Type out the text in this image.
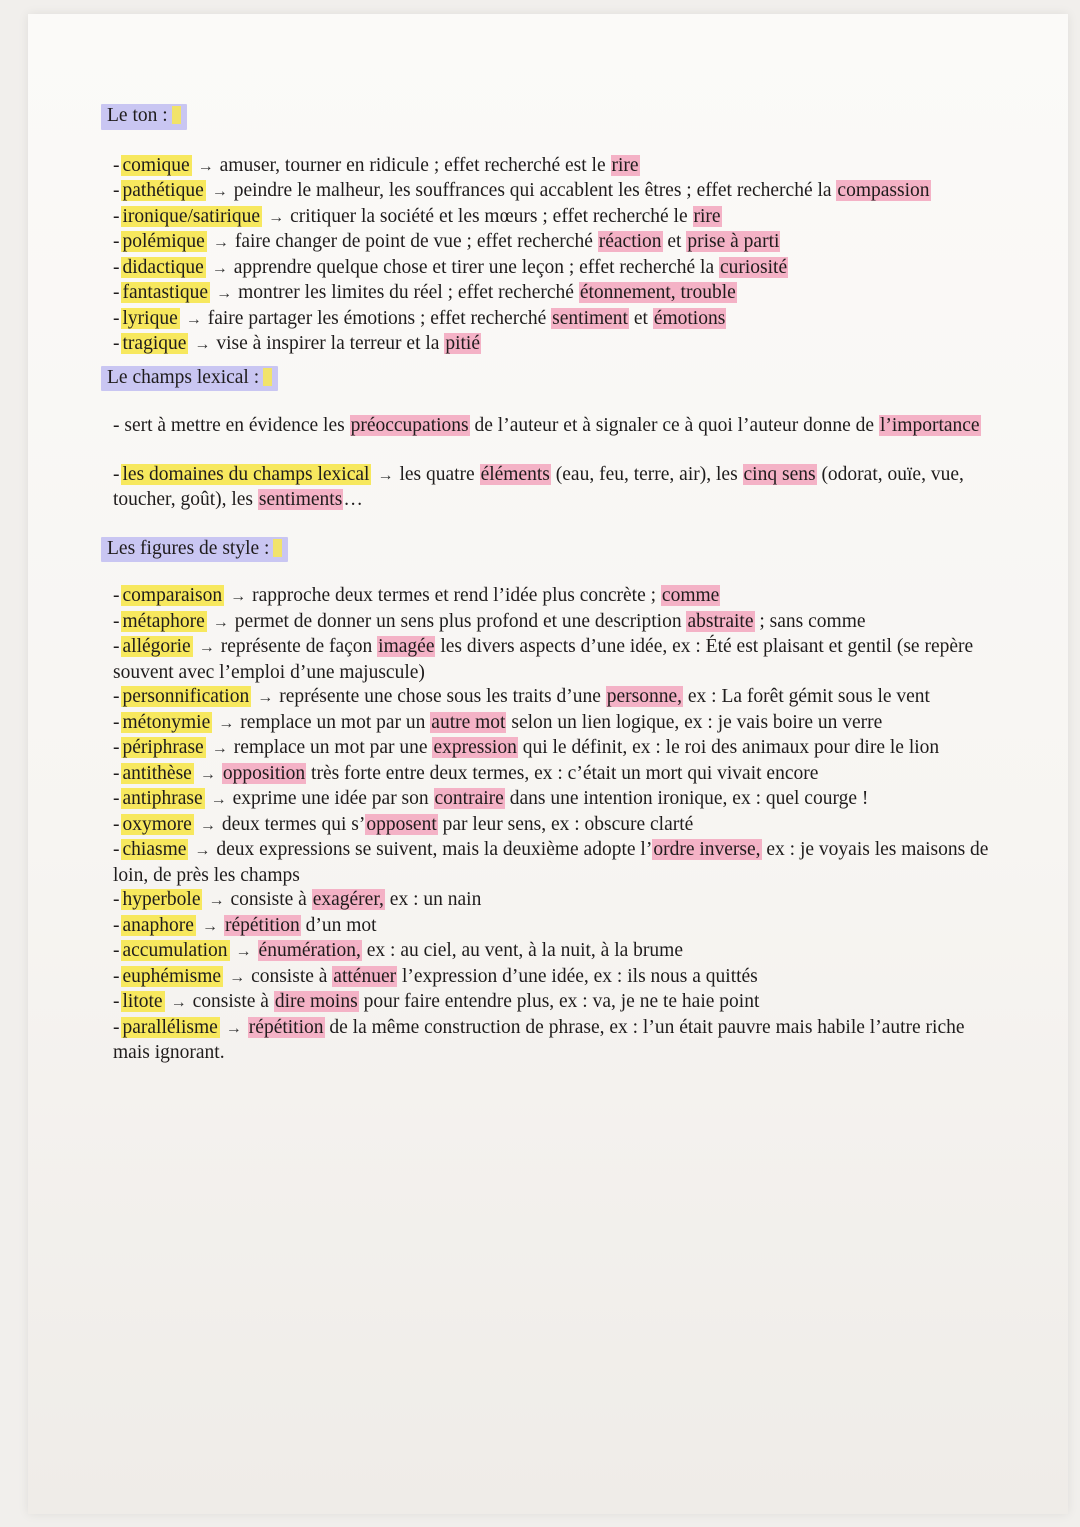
Le ton :
- comique → amuser, tourner en ridicule ; effet recherché est le rire
- pathétique → peindre le malheur, les souffrances qui accablent les êtres ; effet recherché la compassion
- ironique/satirique → critiquer la société et les mœurs ; effet recherché le rire
- polémique → faire changer de point de vue ; effet recherché réaction et prise à parti
- didactique → apprendre quelque chose et tirer une leçon ; effet recherché la curiosité
- fantastique → montrer les limites du réel ; effet recherché étonnement, trouble
- lyrique → faire partager les émotions ; effet recherché sentiment et émotions
- tragique → vise à inspirer la terreur et la pitié
Le champs lexical :
- sert à mettre en évidence les préoccupations de l’auteur et à signaler ce à quoi l’auteur donne de l’importance
- les domaines du champs lexical → les quatre éléments (eau, feu, terre, air), les cinq sens (odorat, ouïe, vue, toucher, goût), les sentiments…
Les figures de style :
- comparaison → rapproche deux termes et rend l’idée plus concrète ; comme
- métaphore → permet de donner un sens plus profond et une description abstraite ; sans comme
- allégorie → représente de façon imagée les divers aspects d’une idée, ex : Été est plaisant et gentil (se repère souvent avec l’emploi d’une majuscule)
- personnification → représente une chose sous les traits d’une personne, ex : La forêt gémit sous le vent
- métonymie → remplace un mot par un autre mot selon un lien logique, ex : je vais boire un verre
- périphrase → remplace un mot par une expression qui le définit, ex : le roi des animaux pour dire le lion
- antithèse → opposition très forte entre deux termes, ex : c’était un mort qui vivait encore
- antiphrase → exprime une idée par son contraire dans une intention ironique, ex : quel courge !
- oxymore → deux termes qui s’opposent par leur sens, ex : obscure clarté
- chiasme → deux expressions se suivent, mais la deuxième adopte l’ordre inverse, ex : je voyais les maisons de loin, de près les champs
- hyperbole → consiste à exagérer, ex : un nain
- anaphore → répétition d’un mot
- accumulation → énumération, ex : au ciel, au vent, à la nuit, à la brume
- euphémisme → consiste à atténuer l’expression d’une idée, ex : ils nous a quittés
- litote → consiste à dire moins pour faire entendre plus, ex : va, je ne te haie point
- parallélisme → répétition de la même construction de phrase, ex : l’un était pauvre mais habile l’autre riche mais ignorant.
